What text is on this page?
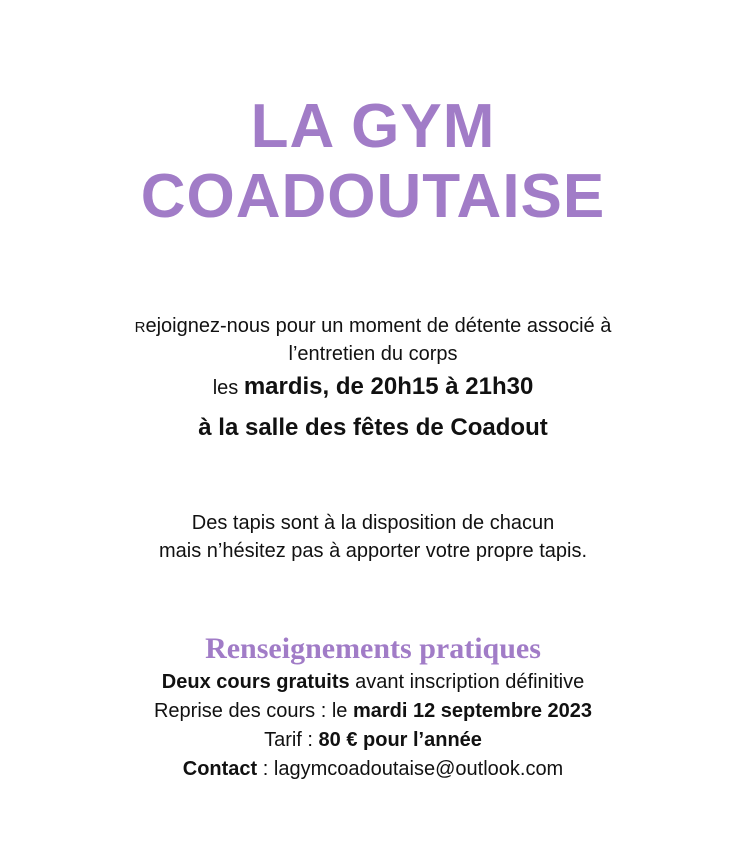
LA GYM
COADOUTAISE
Rejoignez-nous pour un moment de détente associé à
l’entretien du corps
les mardis, de 20h15 à 21h30
à la salle des fêtes de Coadout
Des tapis sont à la disposition de chacun
mais n’hésitez pas à apporter votre propre tapis.
Renseignements pratiques
Deux cours gratuits avant inscription définitive
Reprise des cours : le mardi 12 septembre 2023
Tarif : 80 € pour l’année
Contact : lagymcoadoutaise@outlook.com
